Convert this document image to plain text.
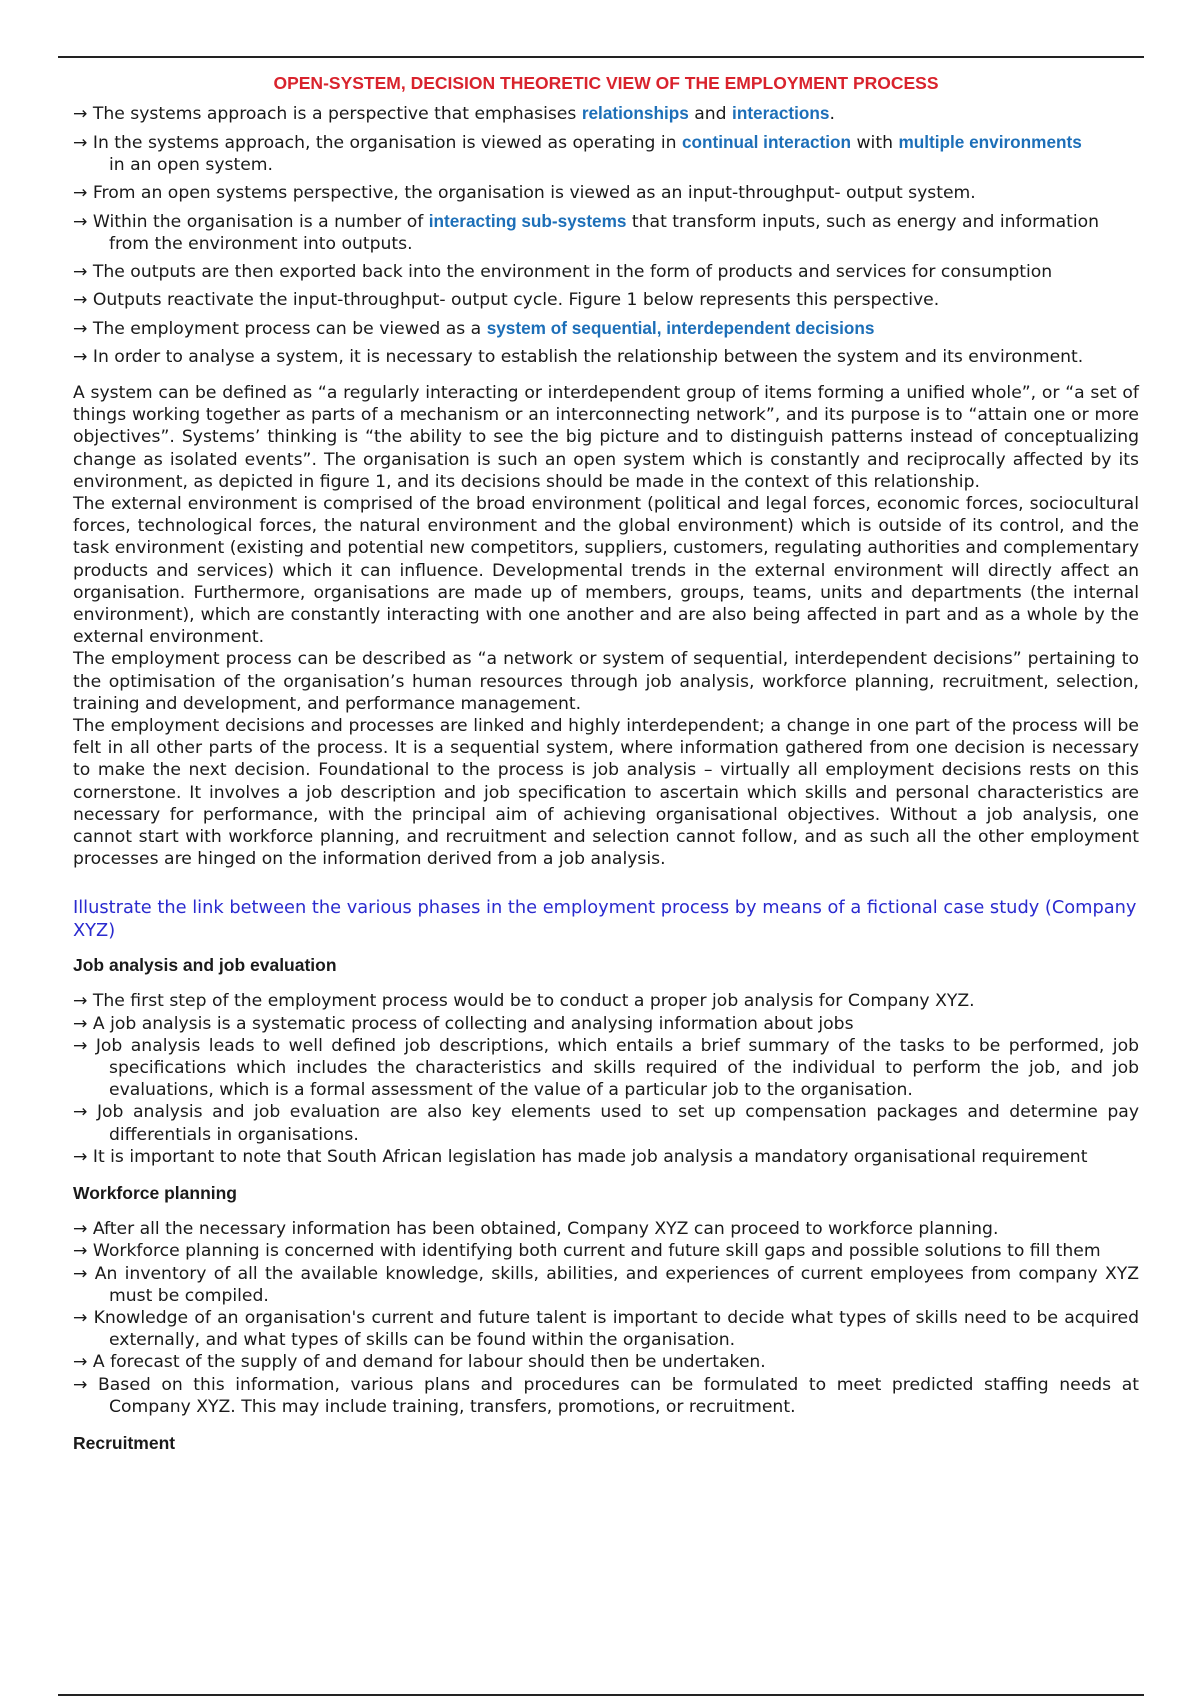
OPEN-SYSTEM, DECISION THEORETIC VIEW OF THE EMPLOYMENT PROCESS

→ The systems approach is a perspective that emphasises relationships and interactions.

→ In the systems approach, the organisation is viewed as operating in continual interaction with multiple environments
in an open system.

→ From an open systems perspective, the organisation is viewed as an input-throughput- output system.

→ Within the organisation is a number of interacting sub-systems that transform inputs, such as energy and information from the environment into outputs.

→ The outputs are then exported back into the environment in the form of products and services for consumption

→ Outputs reactivate the input-throughput- output cycle. Figure 1 below represents this perspective.

→ The employment process can be viewed as a system of sequential, interdependent decisions

→ In order to analyse a system, it is necessary to establish the relationship between the system and its environment.

A system can be defined as “a regularly interacting or interdependent group of items forming a unified whole”, or “a set of things working together as parts of a mechanism or an interconnecting network”, and its purpose is to “attain one or more objectives”. Systems’ thinking is “the ability to see the big picture and to distinguish patterns instead of conceptualizing change as isolated events”. The organisation is such an open system which is constantly and reciprocally affected by its environment, as depicted in figure 1, and its decisions should be made in the context of this relationship.

The external environment is comprised of the broad environment (political and legal forces, economic forces, sociocultural forces, technological forces, the natural environment and the global environment) which is outside of its control, and the task environment (existing and potential new competitors, suppliers, customers, regulating authorities and complementary products and services) which it can influence. Developmental trends in the external environment will directly affect an organisation. Furthermore, organisations are made up of members, groups, teams, units and departments (the internal environment), which are constantly interacting with one another and are also being affected in part and as a whole by the external environment.

The employment process can be described as “a network or system of sequential, interdependent decisions” pertaining to the optimisation of the organisation’s human resources through job analysis, workforce planning, recruitment, selection, training and development, and performance management.

The employment decisions and processes are linked and highly interdependent; a change in one part of the process will be felt in all other parts of the process. It is a sequential system, where information gathered from one decision is necessary to make the next decision. Foundational to the process is job analysis – virtually all employment decisions rests on this cornerstone. It involves a job description and job specification to ascertain which skills and personal characteristics are necessary for performance, with the principal aim of achieving organisational objectives. Without a job analysis, one cannot start with workforce planning, and recruitment and selection cannot follow, and as such all the other employment processes are hinged on the information derived from a job analysis.

Illustrate the link between the various phases in the employment process by means of a fictional case study (Company XYZ)

Job analysis and job evaluation

→ The first step of the employment process would be to conduct a proper job analysis for Company XYZ.

→ A job analysis is a systematic process of collecting and analysing information about jobs

→ Job analysis leads to well defined job descriptions, which entails a brief summary of the tasks to be performed, job specifications which includes the characteristics and skills required of the individual to perform the job, and job evaluations, which is a formal assessment of the value of a particular job to the organisation.

→ Job analysis and job evaluation are also key elements used to set up compensation packages and determine pay differentials in organisations.

→ It is important to note that South African legislation has made job analysis a mandatory organisational requirement

Workforce planning

→ After all the necessary information has been obtained, Company XYZ can proceed to workforce planning.

→ Workforce planning is concerned with identifying both current and future skill gaps and possible solutions to fill them

→ An inventory of all the available knowledge, skills, abilities, and experiences of current employees from company XYZ must be compiled.

→ Knowledge of an organisation's current and future talent is important to decide what types of skills need to be acquired externally, and what types of skills can be found within the organisation.

→ A forecast of the supply of and demand for labour should then be undertaken.

→ Based on this information, various plans and procedures can be formulated to meet predicted staffing needs at Company XYZ. This may include training, transfers, promotions, or recruitment.

Recruitment
